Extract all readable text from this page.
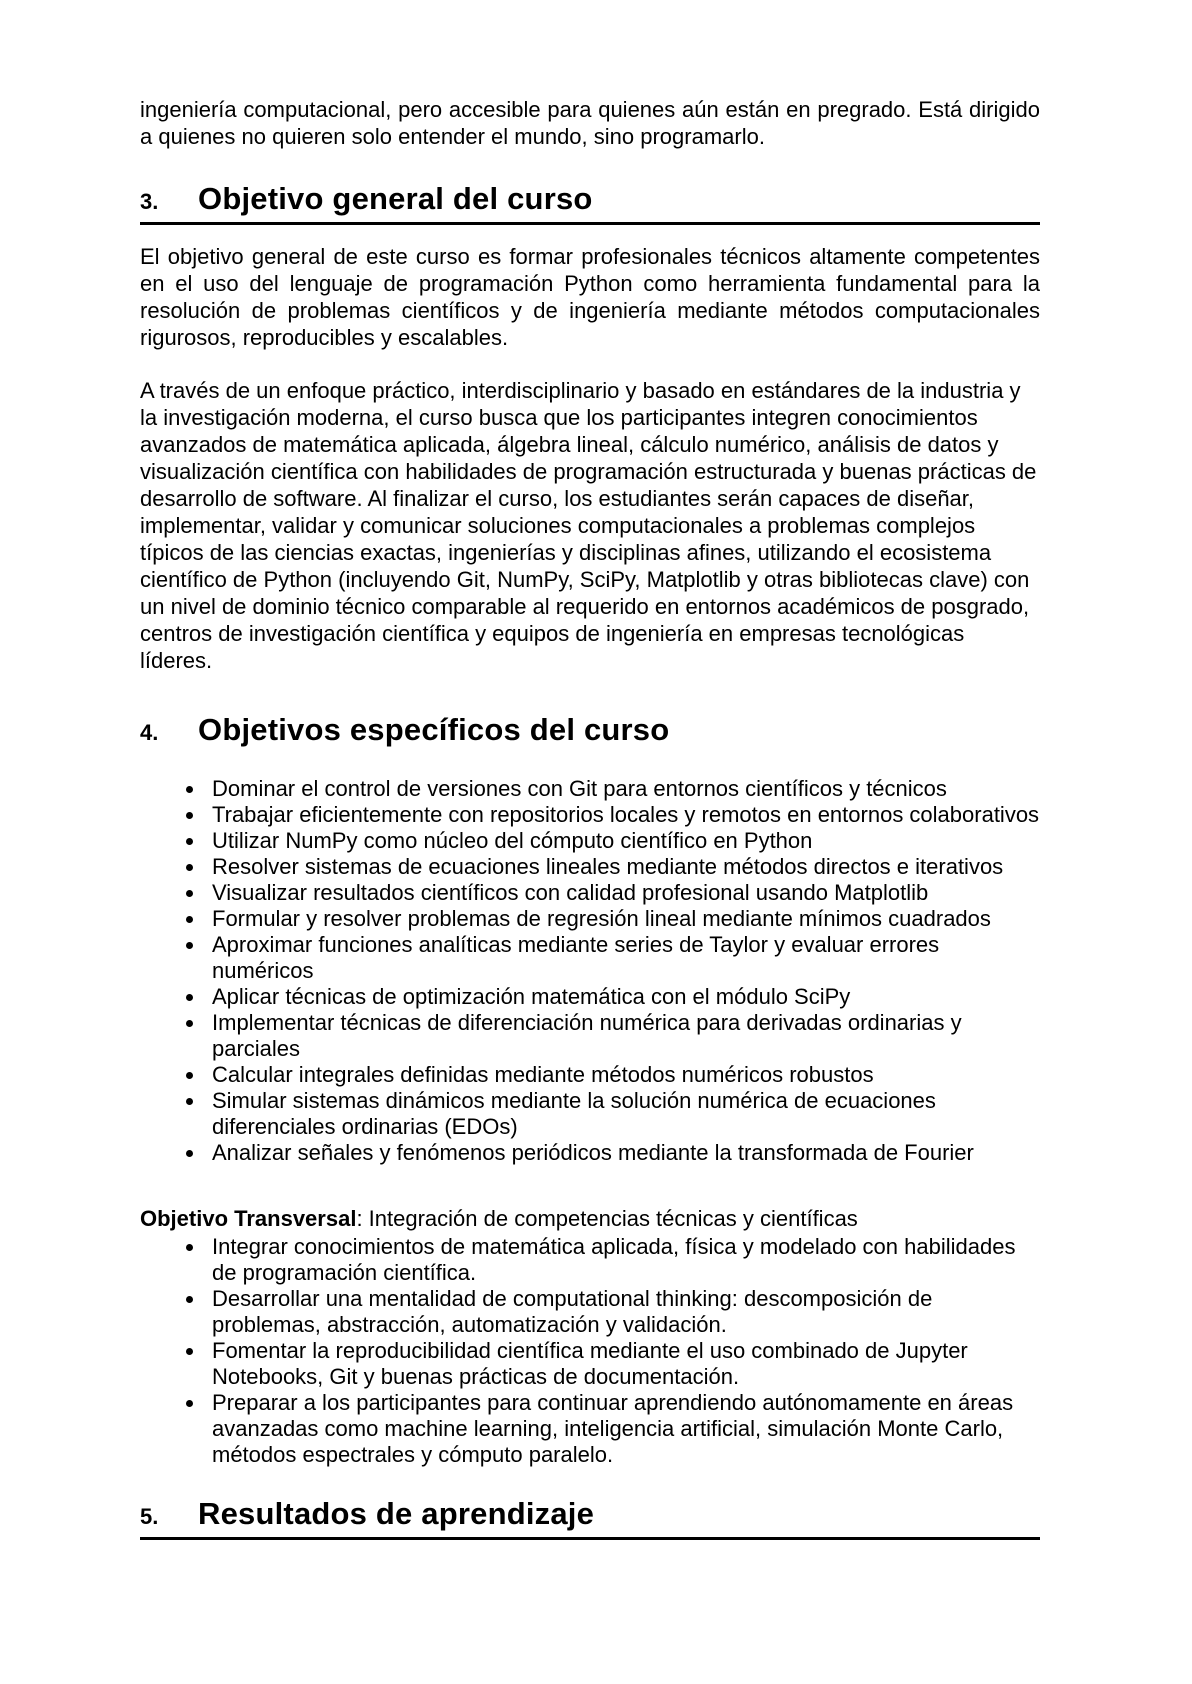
ingeniería computacional, pero accesible para quienes aún están en pregrado. Está dirigido a quienes no quieren solo entender el mundo, sino programarlo.

3.	Objetivo general del curso

El objetivo general de este curso es formar profesionales técnicos altamente competentes en el uso del lenguaje de programación Python como herramienta fundamental para la resolución de problemas científicos y de ingeniería mediante métodos computacionales rigurosos, reproducibles y escalables.

A través de un enfoque práctico, interdisciplinario y basado en estándares de la industria y la investigación moderna, el curso busca que los participantes integren conocimientos avanzados de matemática aplicada, álgebra lineal, cálculo numérico, análisis de datos y visualización científica con habilidades de programación estructurada y buenas prácticas de desarrollo de software. Al finalizar el curso, los estudiantes serán capaces de diseñar, implementar, validar y comunicar soluciones computacionales a problemas complejos típicos de las ciencias exactas, ingenierías y disciplinas afines, utilizando el ecosistema científico de Python (incluyendo Git, NumPy, SciPy, Matplotlib y otras bibliotecas clave) con un nivel de dominio técnico comparable al requerido en entornos académicos de posgrado, centros de investigación científica y equipos de ingeniería en empresas tecnológicas líderes.

4.	Objetivos específicos del curso
• Dominar el control de versiones con Git para entornos científicos y técnicos
• Trabajar eficientemente con repositorios locales y remotos en entornos colaborativos
• Utilizar NumPy como núcleo del cómputo científico en Python
• Resolver sistemas de ecuaciones lineales mediante métodos directos e iterativos
• Visualizar resultados científicos con calidad profesional usando Matplotlib
• Formular y resolver problemas de regresión lineal mediante mínimos cuadrados
• Aproximar funciones analíticas mediante series de Taylor y evaluar errores numéricos
• Aplicar técnicas de optimización matemática con el módulo SciPy
• Implementar técnicas de diferenciación numérica para derivadas ordinarias y parciales
• Calcular integrales definidas mediante métodos numéricos robustos
• Simular sistemas dinámicos mediante la solución numérica de ecuaciones diferenciales ordinarias (EDOs)
• Analizar señales y fenómenos periódicos mediante la transformada de Fourier

Objetivo Transversal: Integración de competencias técnicas y científicas

• Integrar conocimientos de matemática aplicada, física y modelado con habilidades de programación científica.
• Desarrollar una mentalidad de computational thinking: descomposición de problemas, abstracción, automatización y validación.
• Fomentar la reproducibilidad científica mediante el uso combinado de Jupyter Notebooks, Git y buenas prácticas de documentación.
• Preparar a los participantes para continuar aprendiendo autónomamente en áreas avanzadas como machine learning, inteligencia artificial, simulación Monte Carlo, métodos espectrales y cómputo paralelo.
5.	Resultados de aprendizaje
